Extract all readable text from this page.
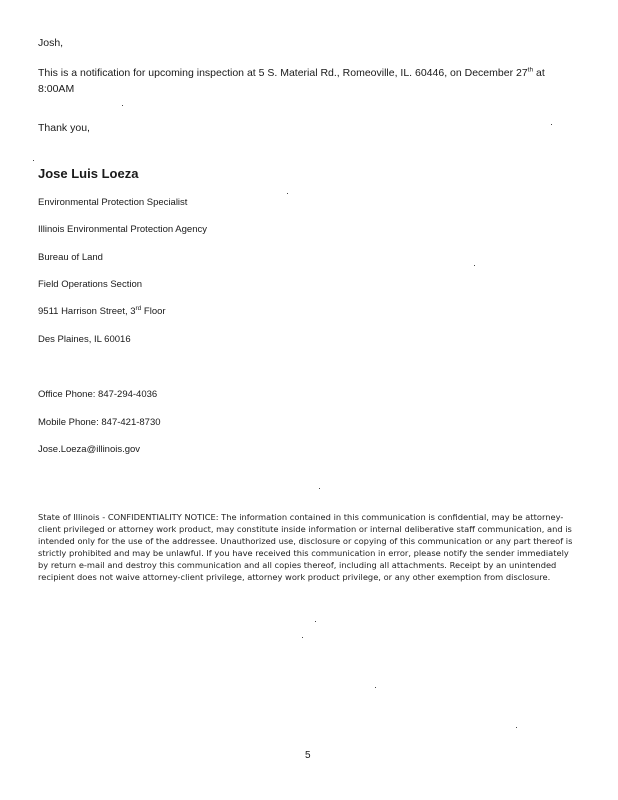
Josh,
This is a notification for upcoming inspection at 5 S. Material Rd., Romeoville, IL. 60446, on December 27th at 8:00AM
Thank you,
Jose Luis Loeza
Environmental Protection Specialist
Illinois Environmental Protection Agency
Bureau of Land
Field Operations Section
9511 Harrison Street, 3rd Floor
Des Plaines, IL 60016
Office Phone: 847-294-4036
Mobile Phone: 847-421-8730
Jose.Loeza@illinois.gov
State of Illinois - CONFIDENTIALITY NOTICE: The information contained in this communication is confidential, may be attorney-client privileged or attorney work product, may constitute inside information or internal deliberative staff communication, and is intended only for the use of the addressee. Unauthorized use, disclosure or copying of this communication or any part thereof is strictly prohibited and may be unlawful. If you have received this communication in error, please notify the sender immediately by return e-mail and destroy this communication and all copies thereof, including all attachments. Receipt by an unintended recipient does not waive attorney-client privilege, attorney work product privilege, or any other exemption from disclosure.
5
